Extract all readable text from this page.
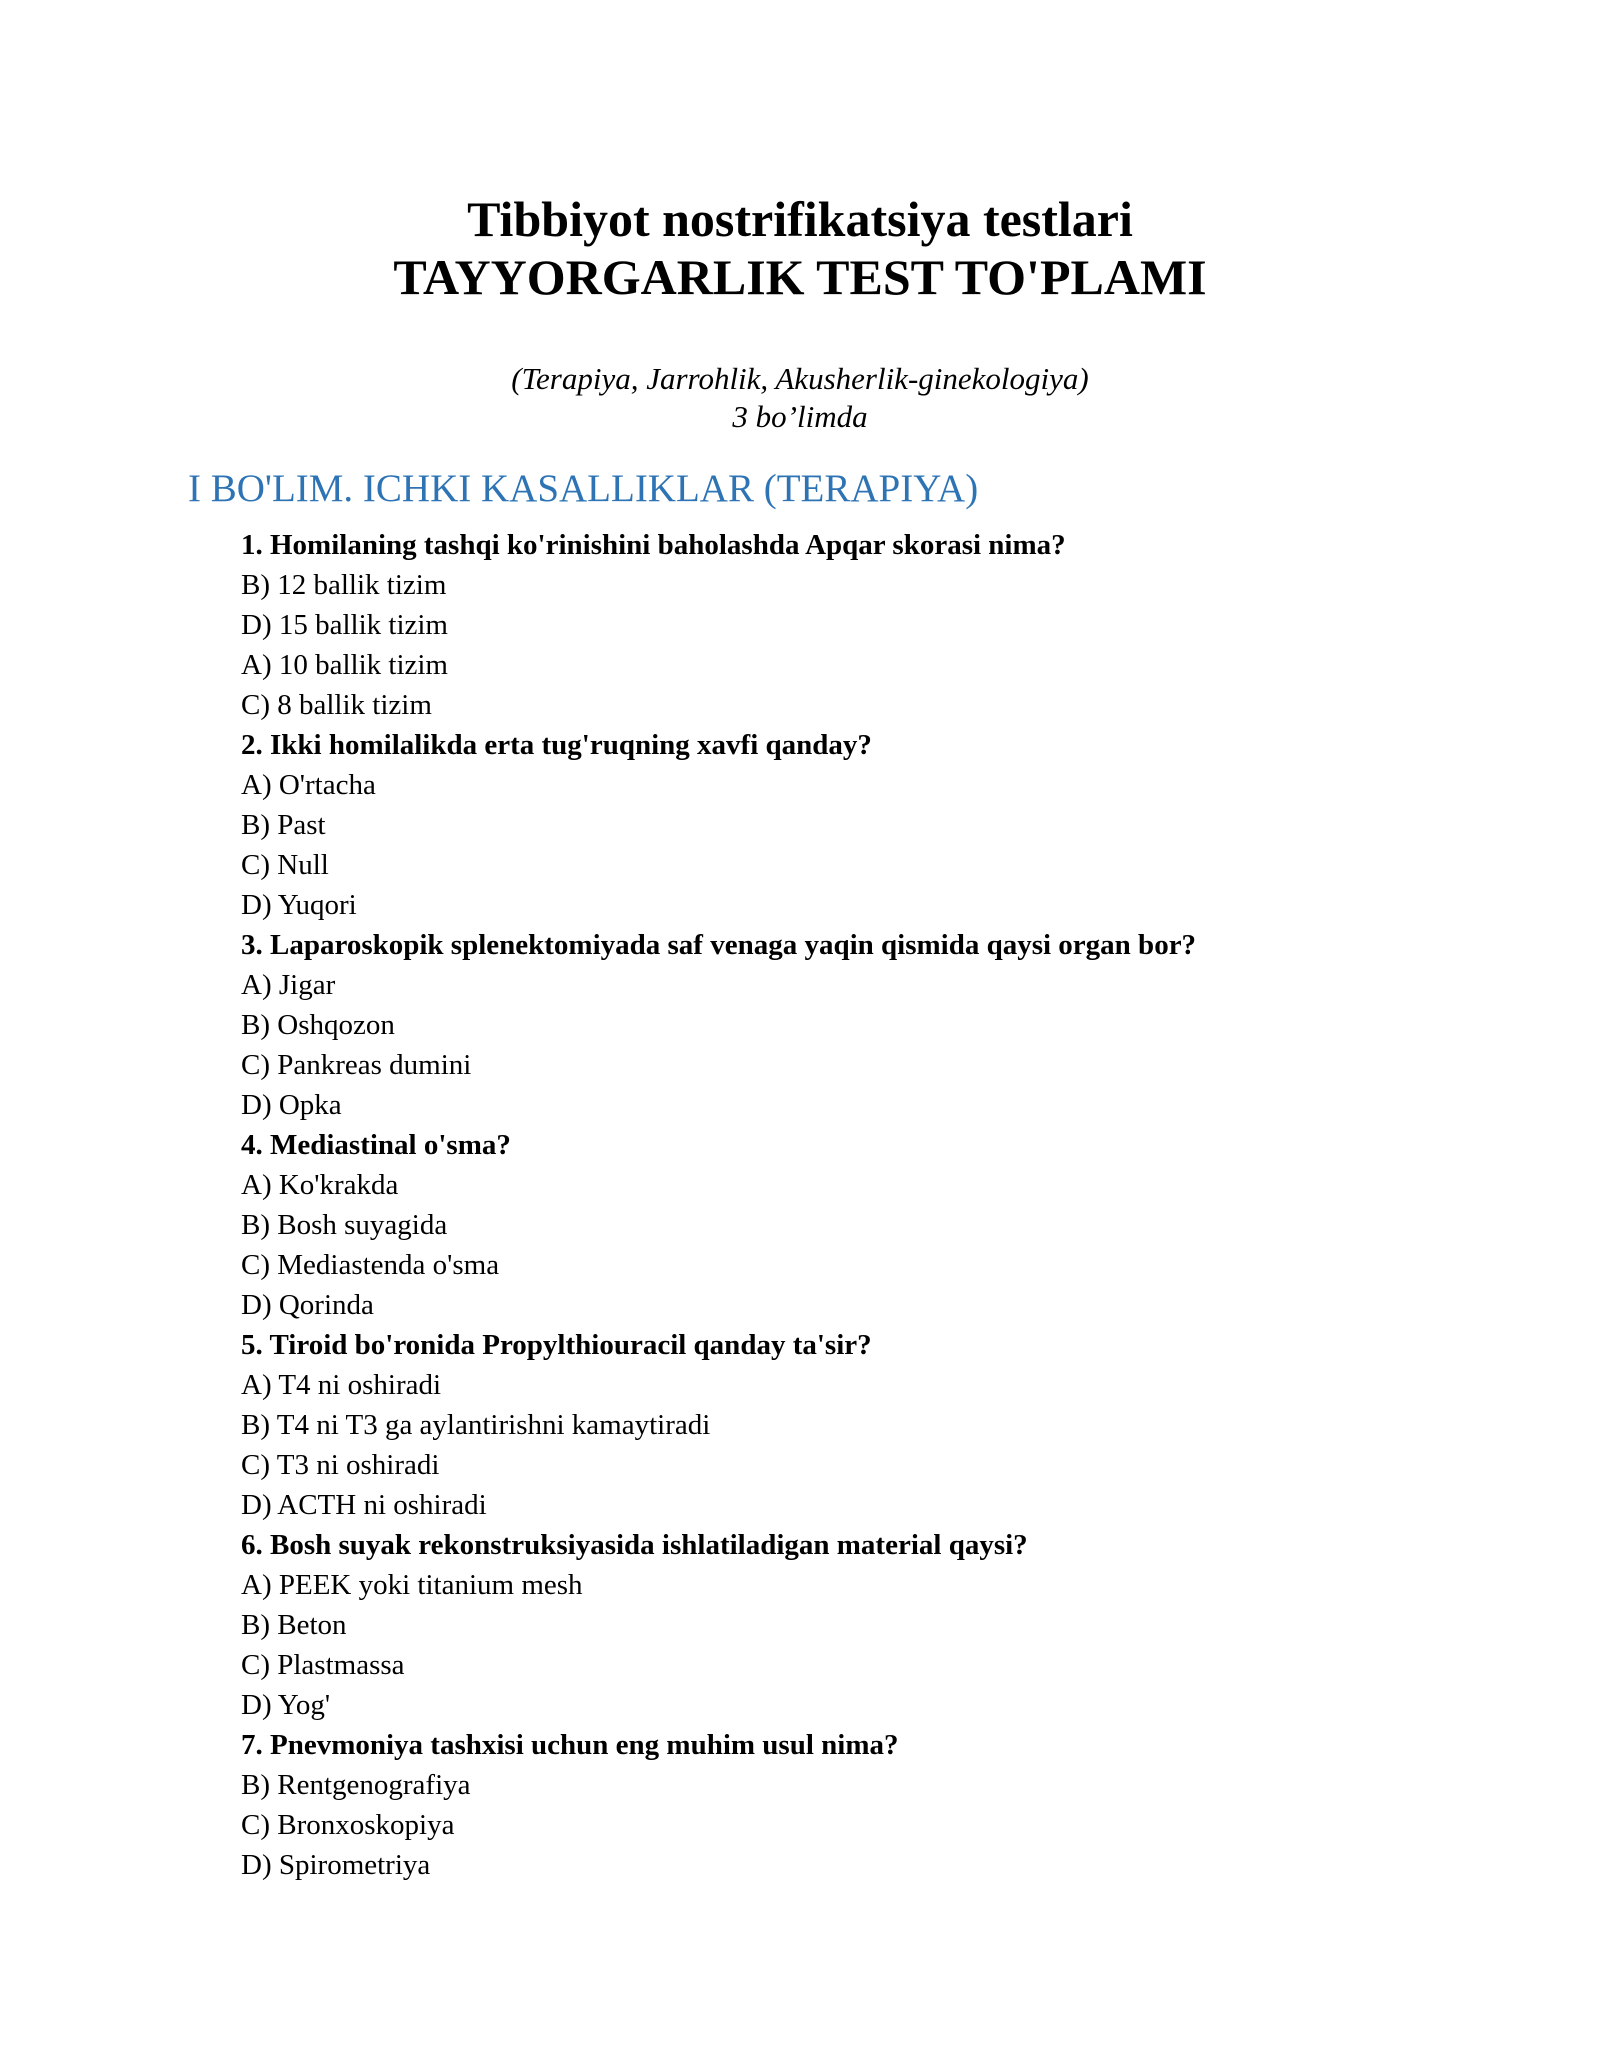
Tibbiyot nostrifikatsiya testlari

TAYYORGARLIK TEST TO'PLAMI

(Terapiya, Jarrohlik, Akusherlik-ginekologiya)

3 bo’limda

I BO'LIM. ICHKI KASALLIKLAR (TERAPIYA)
1. Homilaning tashqi ko'rinishini baholashda Apqar skorasi nima?
B) 12 ballik tizim
D) 15 ballik tizim
A) 10 ballik tizim
C) 8 ballik tizim
2. Ikki homilalikda erta tug'ruqning xavfi qanday?
A) O'rtacha
B) Past
C) Null
D) Yuqori
3. Laparoskopik splenektomiyada saf venaga yaqin qismida qaysi organ bor?
A) Jigar
B) Oshqozon
C) Pankreas dumini
D) Opka
4. Mediastinal o'sma?
A) Ko'krakda
B) Bosh suyagida
C) Mediastenda o'sma
D) Qorinda
5. Tiroid bo'ronida Propylthiouracil qanday ta'sir?
A) T4 ni oshiradi
B) T4 ni T3 ga aylantirishni kamaytiradi
C) T3 ni oshiradi
D) ACTH ni oshiradi
6. Bosh suyak rekonstruksiyasida ishlatiladigan material qaysi?
A) PEEK yoki titanium mesh
B) Beton
C) Plastmassa
D) Yog'
7. Pnevmoniya tashxisi uchun eng muhim usul nima?
B) Rentgenografiya
C) Bronxoskopiya
D) Spirometriya
